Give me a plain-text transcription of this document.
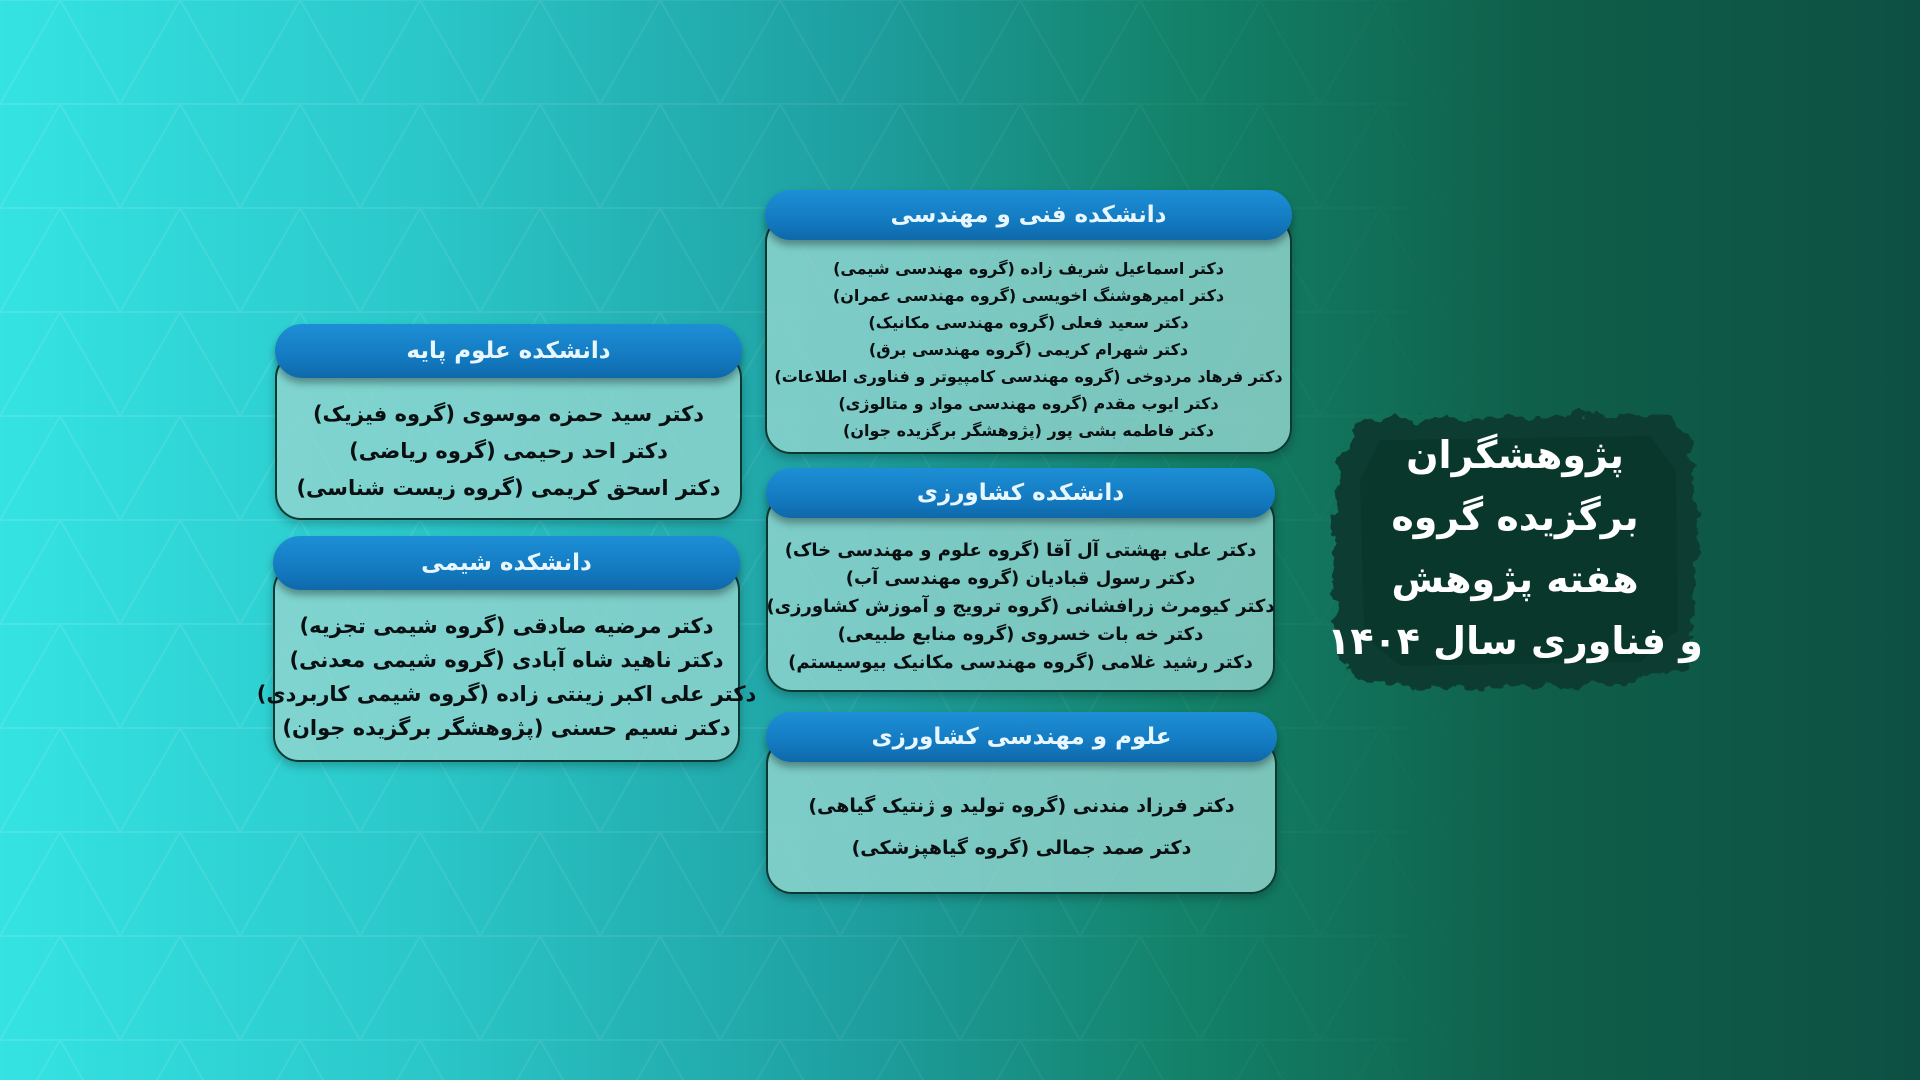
دکتر اسماعیل شریف زاده (گروه مهندسی شیمی)

دکتر امیرهوشنگ اخویسی (گروه مهندسی عمران)

دکتر سعید فعلی (گروه مهندسی مکانیک)

دکتر شهرام کریمی (گروه مهندسی برق)

دکتر فرهاد مردوخی (گروه مهندسی کامپیوتر و فناوری اطلاعات)

دکتر ایوب مقدم (گروه مهندسی مواد و متالوژی)

دکتر فاطمه بشی پور (پژوهشگر برگزیده جوان)

دانشکده فنی و مهندسی

دکتر سید حمزه موسوی (گروه فیزیک)

دکتر احد رحیمی (گروه ریاضی)

دکتر اسحق کریمی (گروه زیست شناسی)

دانشکده علوم پایه

دکتر مرضیه صادقی (گروه شیمی تجزیه)

دکتر ناهید شاه آبادی (گروه شیمی معدنی)

دکتر علی اکبر زینتی زاده (گروه شیمی کاربردی)

دکتر نسیم حسنی (پژوهشگر برگزیده جوان)

دانشکده شیمی	دکتر علی بهشتی آل آقا (گروه علوم و مهندسی خاک)

دکتر رسول قبادیان (گروه مهندسی آب)

دکتر کیومرث زرافشانی (گروه ترویج و آموزش کشاورزی)

دکتر خه بات خسروی (گروه منابع طبیعی)

دکتر رشید غلامی (گروه مهندسی مکانیک بیوسیستم)

دانشکده کشاورزی

دکتر فرزاد مندنی (گروه تولید و ژنتیک گیاهی)

دکتر صمد جمالی (گروه گیاهپزشکی)

علوم و مهندسی کشاورزی
پژوهشگران
برگزیده گروه
هفته پژوهش
و فناوری سال ۱۴۰۴
